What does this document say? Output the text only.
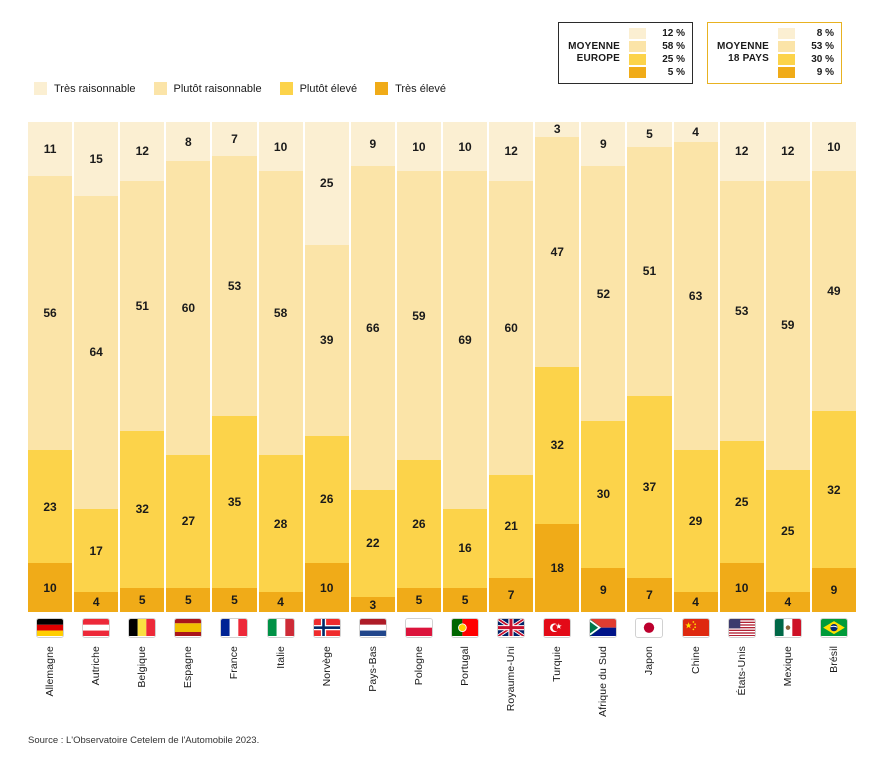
MOYENNE
EUROPE
12 %
58 %
25 %
5 %
MOYENNE
18 PAYS
8 %
53 %
30 %
9 %
Très raisonnable	Plutôt raisonnable	Plutôt élevé	Très élevé
11
56
23
10
15
64
17
4
12
51
32
5
8
60
27
5
7
53
35
5
10
58
28
4
25
39
26
10
9
66
22
3
10
59
26
5
10
69
16
5
12
60
21
7
3
47
32
18
9
52
30
9
5
51
37
7
4
63
29
4
12
53
25
10
12
59
25
4
10
49
32
9
Allemagne	Autriche	Belgique	Espagne	France	Italie	Norvège	Pays-Bas	Pologne	Portugal	Royaume-Uni	Turquie	Afrique du Sud	Japon	Chine	États-Unis	Mexique	Brésil
Source : L'Observatoire Cetelem de l'Automobile 2023.
